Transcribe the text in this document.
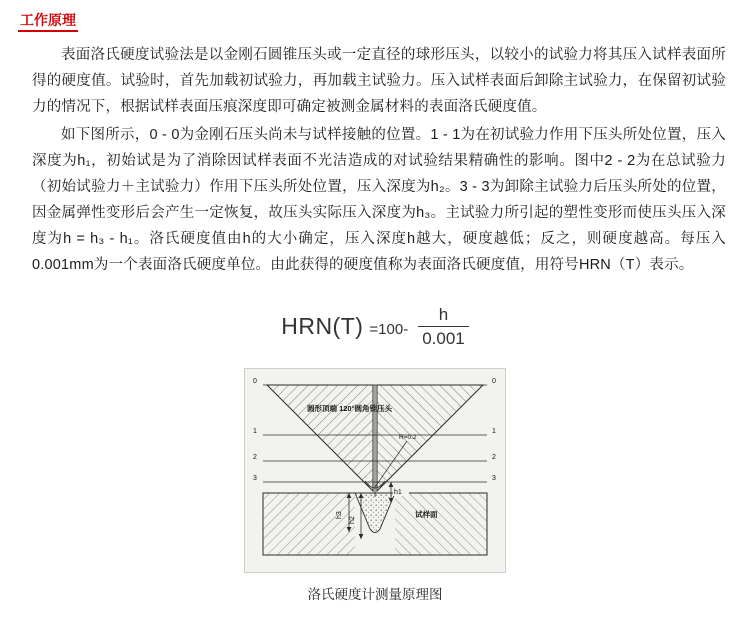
工作原理

表面洛氏硬度试验法是以金刚石圆锥压头或一定直径的球形压头，以较小的试验力将其压入试样表面所得的硬度值。试验时，首先加载初试验力，再加载主试验力。压入试样表面后卸除主试验力，在保留初试验力的情况下，根据试样表面压痕深度即可确定被测金属材料的表面洛氏硬度值。

如下图所示，0 - 0为金刚石压头尚未与试样接触的位置。1 - 1为在初试验力作用下压头所处位置，压入深度为h₁，初始试是为了消除因试样表面不光洁造成的对试验结果精确性的影响。图中2 - 2为在总试验力（初始试验力＋主试验力）作用下压头所处位置，压入深度为h₂。3 - 3为卸除主试验力后压头所处的位置，因金属弹性变形后会产生一定恢复，故压头实际压入深度为h₃。主试验力所引起的塑性变形而使压头压入深度为h = h₃ - h₁。洛氏硬度值由h的大小确定，压入深度h越大，硬度越低；反之，则硬度越高。每压入0.001mm为一个表面洛氏硬度单位。由此获得的硬度值称为表面洛氏硬度值，用符号HRN（T）表示。

$HRN(T) =100- \frac{h}{0.001}$
h1
h3
h2
圆形顶端 120°圆角锥压头
R=0.2
试样面
0
1
2
3
0
1
2
3
洛氏硬度计测量原理图
